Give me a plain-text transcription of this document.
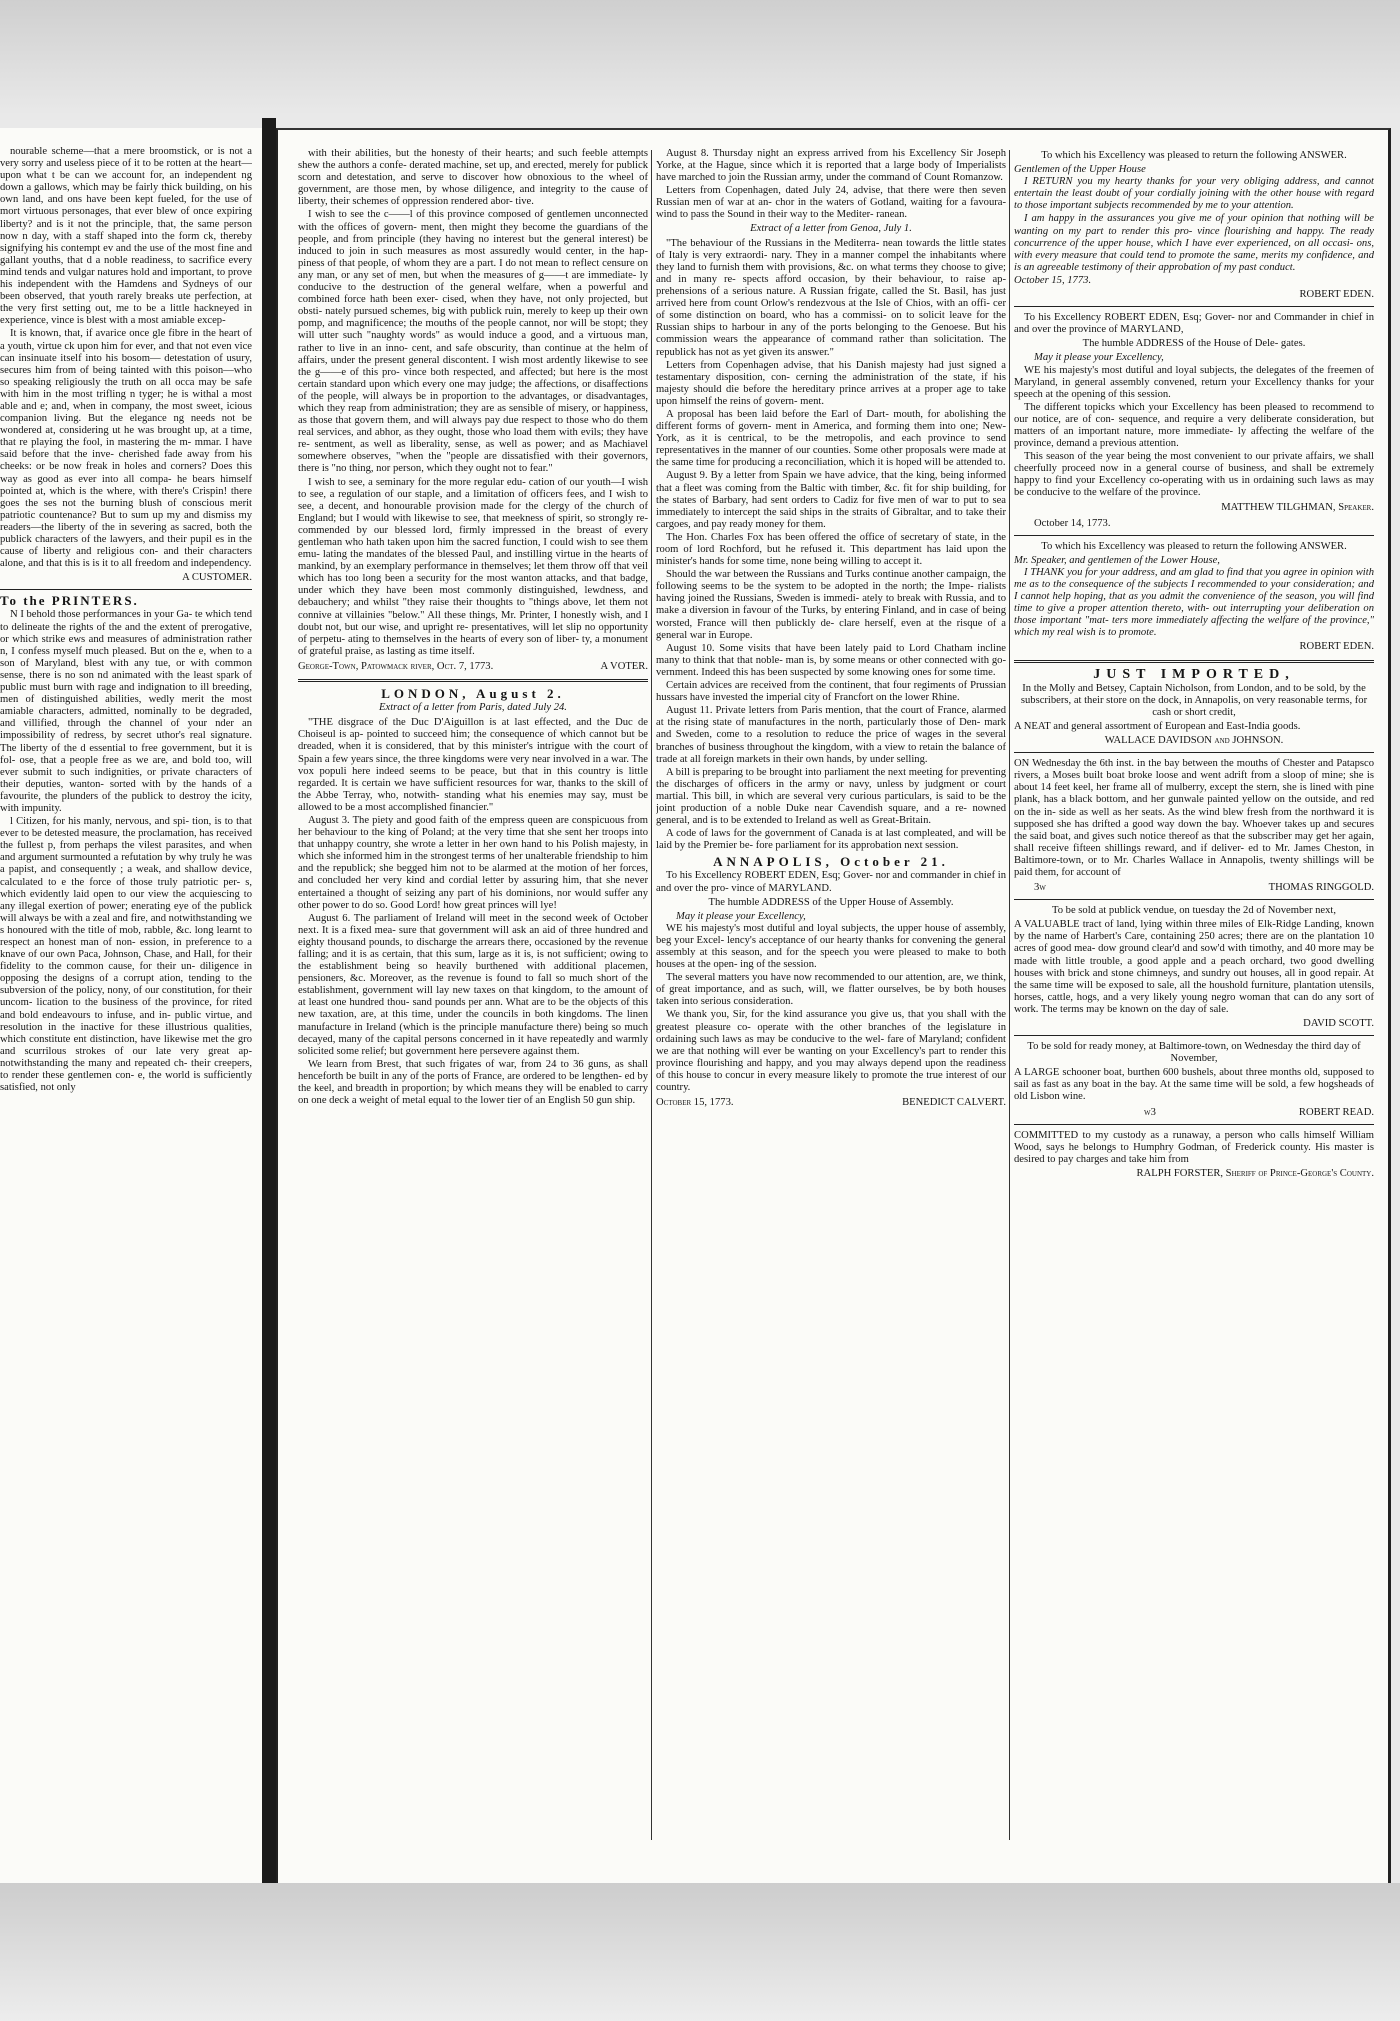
nourable scheme—that a mere broomstick, or is not a very sorry and useless piece of it to be rotten at the heart—upon what t be can we account for, an independent ng down a gallows, which may be fairly thick building, on his own land, and ons have been kept fueled, for the use of mort virtuous personages, that ever blew of once expiring liberty? and is it not the principle, that, the same person now n day, with a staff shaped into the form ck, thereby signifying his contempt ev and the use of the most fine and gallant youths, that d a noble readiness, to sacrifice every mind tends and vulgar natures hold and important, to prove his independent with the Hamdens and Sydneys of our been observed, that youth rarely breaks ute perfection, at the very first setting out, me to be a little hackneyed in experience, vince is blest with a most amiable excep-

It is known, that, if avarice once gle fibre in the heart of a youth, virtue ck upon him for ever, and that not even vice can insinuate itself into his bosom— detestation of usury, secures him from of being tainted with this poison—who so speaking religiously the truth on all occa may be safe with him in the most trifling n tyger; he is withal a most able and e; and, when in company, the most sweet, icious companion living. But the elegance ng needs not be wondered at, considering ut he was brought up, at a time, that re playing the fool, in mastering the m- mmar. I have said before that the inve- cherished fade away from his cheeks: or be now freak in holes and corners? Does this way as good as ever into all compa- he bears himself pointed at, which is the where, with there's Crispin! there goes the ses not the burning blush of conscious merit patriotic countenance? But to sum up my and dismiss my readers—the liberty of the in severing as sacred, both the publick characters of the lawyers, and their pupil es in the cause of liberty and religious con- and their characters alone, and that this is is it to all freedom and independency.

A CUSTOMER.
To the PRINTERS.

N I behold those performances in your Ga- te which tend to delineate the rights of the and the extent of prerogative, or which strike ews and measures of administration rather n, I confess myself much pleased. But on the e, when to a son of Maryland, blest with any tue, or with common sense, there is no son nd animated with the least spark of public must burn with rage and indignation to ill breeding, men of distinguished abilities, wedly merit the most amiable characters, admitted, nominally to be degraded, and villified, through the channel of your nder an impossibility of redress, by secret uthor's real signature. The liberty of the d essential to free government, but it is fol- ose, that a people free as we are, and bold too, will ever submit to such indignities, or private characters of their deputies, wanton- sorted with by the hands of a favourite, the plunders of the publick to destroy the icity, with impunity.

l Citizen, for his manly, nervous, and spi- tion, is to that ever to be detested measure, the proclamation, has received the fullest p, from perhaps the vilest parasites, and when and argument surmounted a refutation by why truly he was a papist, and consequently ; a weak, and shallow device, calculated to e the force of those truly patriotic per- s, which evidently laid open to our view the acquiescing to any illegal exertion of power; enerating eye of the publick will always be with a zeal and fire, and notwithstanding we s honoured with the title of mob, rabble, &c. long learnt to respect an honest man of non- ession, in preference to a knave of our own Paca, Johnson, Chase, and Hall, for their fidelity to the common cause, for their un- diligence in opposing the designs of a corrupt ation, tending to the subversion of the policy, nony, of our constitution, for their uncom- lication to the business of the province, for rited and bold endeavours to infuse, and in- public virtue, and resolution in the inactive for these illustrious qualities, which constitute ent distinction, have likewise met the gro and scurrilous strokes of our late very great ap- notwithstanding the many and repeated ch- their creepers, to render these gentlemen con- e, the world is sufficiently satisfied, not only

with their abilities, but the honesty of their hearts; and such feeble attempts shew the authors a confe- derated machine, set up, and erected, merely for publick scorn and detestation, and serve to discover how obnoxious to the wheel of government, are those men, by whose diligence, and integrity to the cause of liberty, their schemes of oppression rendered abor- tive.

I wish to see the c——l of this province composed of gentlemen unconnected with the offices of govern- ment, then might they become the guardians of the people, and from principle (they having no interest but the general interest) be induced to join in such measures as most assuredly would center, in the hap- piness of that people, of whom they are a part. I do not mean to reflect censure on any man, or any set of men, but when the measures of g——t are immediate- ly conducive to the destruction of the general welfare, when a powerful and combined force hath been exer- cised, when they have, not only projected, but obsti- nately pursued schemes, big with publick ruin, merely to keep up their own pomp, and magnificence; the mouths of the people cannot, nor will be stopt; they will utter such "naughty words" as would induce a good, and a virtuous man, rather to live in an inno- cent, and safe obscurity, than continue at the helm of affairs, under the present general discontent. I wish most ardently likewise to see the g——e of this pro- vince both respected, and affected; but here is the most certain standard upon which every one may judge; the affections, or disaffections of the people, will always be in proportion to the advantages, or disadvantages, which they reap from administration; they are as sensible of misery, or happiness, as those that govern them, and will always pay due respect to those who do them real services, and abhor, as they ought, those who load them with evils; they have re- sentment, as well as liberality, sense, as well as power; and as Machiavel somewhere observes, "when the "people are dissatisfied with their governors, there is "no thing, nor person, which they ought not to fear."

I wish to see, a seminary for the more regular edu- cation of our youth—I wish to see, a regulation of our staple, and a limitation of officers fees, and I wish to see, a decent, and honourable provision made for the clergy of the church of England; but I would with likewise to see, that meekness of spirit, so strongly re- commended by our blessed lord, firmly impressed in the breast of every gentleman who hath taken upon him the sacred function, I could wish to see them emu- lating the mandates of the blessed Paul, and instilling virtue in the hearts of mankind, by an exemplary performance in themselves; let them throw off that veil which has too long been a security for the most wanton attacks, and that badge, under which they have been most commonly distinguished, lewdness, and debauchery; and whilst "they raise their thoughts to "things above, let them not connive at villainies "below." All these things, Mr. Printer, I honestly wish, and I doubt not, but our wise, and upright re- presentatives, will let slip no opportunity of perpetu- ating to themselves in the hearts of every son of liber- ty, a monument of grateful praise, as lasting as time itself.

George-Town, Patowmack river, Oct. 7, 1773.	A VOTER.
LONDON, August 2.
Extract of a letter from Paris, dated July 24.

"THE disgrace of the Duc D'Aiguillon is at last effected, and the Duc de Choiseul is ap- pointed to succeed him; the consequence of which cannot but be dreaded, when it is considered, that by this minister's intrigue with the court of Spain a few years since, the three kingdoms were very near involved in a war. The vox populi here indeed seems to be peace, but that in this country is little regarded. It is certain we have sufficient resources for war, thanks to the skill of the Abbe Terray, who, notwith- standing what his enemies may say, must be allowed to be a most accomplished financier."

August 3. The piety and good faith of the empress queen are conspicuous from her behaviour to the king of Poland; at the very time that she sent her troops into that unhappy country, she wrote a letter in her own hand to his Polish majesty, in which she informed him in the strongest terms of her unalterable friendship to him and the republick; she begged him not to be alarmed at the motion of her forces, and concluded her very kind and cordial letter by assuring him, that she never entertained a thought of seizing any part of his dominions, nor would suffer any other power to do so. Good Lord! how great princes will lye!

August 6. The parliament of Ireland will meet in the second week of October next. It is a fixed mea- sure that government will ask an aid of three hundred and eighty thousand pounds, to discharge the arrears there, occasioned by the revenue falling; and it is as certain, that this sum, large as it is, is not sufficient; owing to the establishment being so heavily burthened with additional placemen, pensioners, &c. Moreover, as the revenue is found to fall so much short of the establishment, government will lay new taxes on that kingdom, to the amount of at least one hundred thou- sand pounds per ann. What are to be the objects of this new taxation, are, at this time, under the councils in both kingdoms. The linen manufacture in Ireland (which is the principle manufacture there) being so much decayed, many of the capital persons concerned in it have repeatedly and warmly solicited some relief; but government here persevere against them.

We learn from Brest, that such frigates of war, from 24 to 36 guns, as shall henceforth be built in any of the ports of France, are ordered to be lengthen- ed by the keel, and breadth in proportion; by which means they will be enabled to carry on one deck a weight of metal equal to the lower tier of an English 50 gun ship.

August 8. Thursday night an express arrived from his Excellency Sir Joseph Yorke, at the Hague, since which it is reported that a large body of Imperialists have marched to join the Russian army, under the command of Count Romanzow.

Letters from Copenhagen, dated July 24, advise, that there were then seven Russian men of war at an- chor in the waters of Gotland, waiting for a favoura- wind to pass the Sound in their way to the Mediter- ranean.

Extract of a letter from Genoa, July 1.

"The behaviour of the Russians in the Mediterra- nean towards the little states of Italy is very extraordi- nary. They in a manner compel the inhabitants where they land to furnish them with provisions, &c. on what terms they choose to give; and in many re- spects afford occasion, by their behaviour, to raise ap- prehensions of a serious nature. A Russian frigate, called the St. Basil, has just arrived here from count Orlow's rendezvous at the Isle of Chios, with an offi- cer of some distinction on board, who has a commissi- on to solicit leave for the Russian ships to harbour in any of the ports belonging to the Genoese. But his commission wears the appearance of command rather than solicitation. The republick has not as yet given its answer."

Letters from Copenhagen advise, that his Danish majesty had just signed a testamentary disposition, con- cerning the administration of the state, if his majesty should die before the hereditary prince arrives at a proper age to take upon himself the reins of govern- ment.

A proposal has been laid before the Earl of Dart- mouth, for abolishing the different forms of govern- ment in America, and forming them into one; New- York, as it is centrical, to be the metropolis, and each province to send representatives in the manner of our counties. Some other proposals were made at the same time for producing a reconciliation, which it is hoped will be attended to.

August 9. By a letter from Spain we have advice, that the king, being informed that a fleet was coming from the Baltic with timber, &c. fit for ship building, for the states of Barbary, had sent orders to Cadiz for five men of war to put to sea immediately to intercept the said ships in the straits of Gibraltar, and to take their cargoes, and pay ready money for them.

The Hon. Charles Fox has been offered the office of secretary of state, in the room of lord Rochford, but he refused it. This department has laid upon the minister's hands for some time, none being willing to accept it.

Should the war between the Russians and Turks continue another campaign, the following seems to be the system to be adopted in the north; the Impe- rialists having joined the Russians, Sweden is immedi- ately to break with Russia, and to make a diversion in favour of the Turks, by entering Finland, and in case of being worsted, France will then publickly de- clare herself, even at the risque of a general war in Europe.

August 10. Some visits that have been lately paid to Lord Chatham incline many to think that that noble- man is, by some means or other connected with go- vernment. Indeed this has been suspected by some knowing ones for some time.

Certain advices are received from the continent, that four regiments of Prussian hussars have invested the imperial city of Francfort on the lower Rhine.

August 11. Private letters from Paris mention, that the court of France, alarmed at the rising state of manufactures in the north, particularly those of Den- mark and Sweden, come to a resolution to reduce the price of wages in the several branches of business throughout the kingdom, with a view to retain the balance of trade at all foreign markets in their own hands, by under selling.

A bill is preparing to be brought into parliament the next meeting for preventing the discharges of officers in the army or navy, unless by judgment or court martial. This bill, in which are several very curious particulars, is said to be the joint production of a noble Duke near Cavendish square, and a re- nowned general, and is to be extended to Ireland as well as Great-Britain.

A code of laws for the government of Canada is at last compleated, and will be laid by the Premier be- fore parliament for its approbation next session.

ANNAPOLIS, October 21.

To his Excellency ROBERT EDEN, Esq; Gover- nor and commander in chief in and over the pro- vince of MARYLAND.

The humble ADDRESS of the Upper House of Assembly.
May it please your Excellency,

WE his majesty's most dutiful and loyal subjects, the upper house of assembly, beg your Excel- lency's acceptance of our hearty thanks for convening the general assembly at this season, and for the speech you were pleased to make to both houses at the open- ing of the session.

The several matters you have now recommended to our attention, are, we think, of great importance, and as such, will, we flatter ourselves, be by both houses taken into serious consideration.

We thank you, Sir, for the kind assurance you give us, that you shall with the greatest pleasure co- operate with the other branches of the legislature in ordaining such laws as may be conducive to the wel- fare of Maryland; confident we are that nothing will ever be wanting on your Excellency's part to render this province flourishing and happy, and you may always depend upon the readiness of this house to concur in every measure likely to promote the true interest of our country.

October 15, 1773.	BENEDICT CALVERT.
To which his Excellency was pleased to return the following ANSWER.
Gentlemen of the Upper House

I RETURN you my hearty thanks for your very obliging address, and cannot entertain the least doubt of your cordially joining with the other house with regard to those important subjects recommended by me to your attention.

I am happy in the assurances you give me of your opinion that nothing will be wanting on my part to render this pro- vince flourishing and happy. The ready concurrence of the upper house, which I have ever experienced, on all occasi- ons, with every measure that could tend to promote the same, merits my confidence, and is an agreeable testimony of their approbation of my past conduct.

October 15, 1773.
ROBERT EDEN.

To his Excellency ROBERT EDEN, Esq; Gover- nor and Commander in chief in and over the province of MARYLAND,

The humble ADDRESS of the House of Dele- gates.
May it please your Excellency,

WE his majesty's most dutiful and loyal subjects, the delegates of the freemen of Maryland, in general assembly convened, return your Excellency thanks for your speech at the opening of this session.

The different topicks which your Excellency has been pleased to recommend to our notice, are of con- sequence, and require a very deliberate consideration, but matters of an important nature, more immediate- ly affecting the welfare of the province, demand a previous attention.

This season of the year being the most convenient to our private affairs, we shall cheerfully proceed now in a general course of business, and shall be extremely happy to find your Excellency co-operating with us in ordaining such laws as may be conducive to the welfare of the province.

MATTHEW TILGHMAN, Speaker.
October 14, 1773.
To which his Excellency was pleased to return the following ANSWER.
Mr. Speaker, and gentlemen of the Lower House,

I THANK you for your address, and am glad to find that you agree in opinion with me as to the consequence of the subjects I recommended to your consideration; and I cannot help hoping, that as you admit the convenience of the season, you will find time to give a proper attention thereto, with- out interrupting your deliberation on those important "mat- ters more immediately affecting the welfare of the province," which my real wish is to promote.

ROBERT EDEN.
JUST IMPORTED,
In the Molly and Betsey, Captain Nicholson, from London, and to be sold, by the subscribers, at their store on the dock, in Annapolis, on very reasonable terms, for cash or short credit,

A NEAT and general assortment of European and East-India goods.

WALLACE DAVIDSON and JOHNSON.

ON Wednesday the 6th inst. in the bay between the mouths of Chester and Patapsco rivers, a Moses built boat broke loose and went adrift from a sloop of mine; she is about 14 feet keel, her frame all of mulberry, except the stern, she is lined with pine plank, has a black bottom, and her gunwale painted yellow on the outside, and red on the in- side as well as her seats. As the wind blew fresh from the northward it is supposed she has drifted a good way down the bay. Whoever takes up and secures the said boat, and gives such notice thereof as that the subscriber may get her again, shall receive fifteen shillings reward, and if deliver- ed to Mr. James Cheston, in Baltimore-town, or to Mr. Charles Wallace in Annapolis, twenty shillings will be paid them, for account of

3w	THOMAS RINGGOLD.
To be sold at publick vendue, on tuesday the 2d of November next,

A VALUABLE tract of land, lying within three miles of Elk-Ridge Landing, known by the name of Harbert's Care, containing 250 acres; there are on the plantation 10 acres of good mea- dow ground clear'd and sow'd with timothy, and 40 more may be made with little trouble, a good apple and a peach orchard, two good dwelling houses with brick and stone chimneys, and sundry out houses, all in good repair. At the same time will be exposed to sale, all the houshold furniture, plantation utensils, horses, cattle, hogs, and a very likely young negro woman that can do any sort of work. The terms may be known on the day of sale.

DAVID SCOTT.
To be sold for ready money, at Baltimore-town, on Wednesday the third day of November,

A LARGE schooner boat, burthen 600 bushels, about three months old, supposed to sail as fast as any boat in the bay. At the same time will be sold, a few hogsheads of old Lisbon wine.

w3	ROBERT READ.

COMMITTED to my custody as a runaway, a person who calls himself William Wood, says he belongs to Humphry Godman, of Frederick county. His master is desired to pay charges and take him from

RALPH FORSTER, Sheriff of Prince-George's County.
